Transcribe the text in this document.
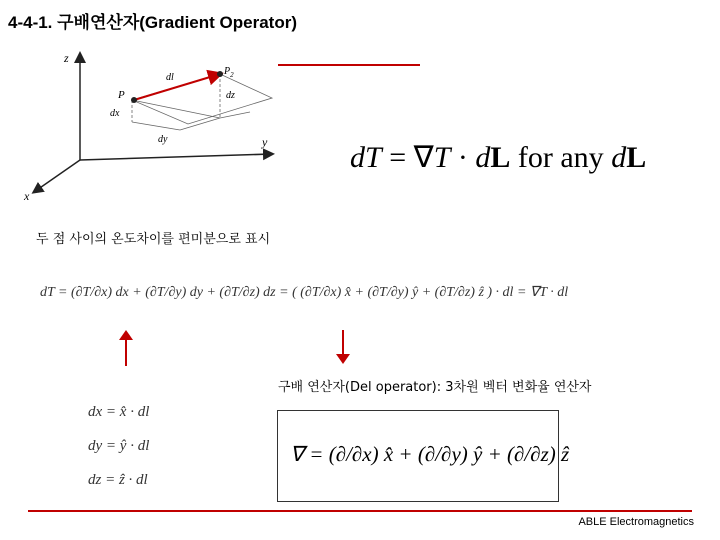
4-4-1. 구배연산자(Gradient Operator)
z
y
x
P
$P_2$
dl
dx
dy
dz
dT = ∇T · dL for any dL
두 점 사이의 온도차이를 편미분으로 표시
dT = (∂T/∂x) dx + (∂T/∂y) dy + (∂T/∂z) dz = ( (∂T/∂x) x̂ + (∂T/∂y) ŷ + (∂T/∂z) ẑ ) · dl = ∇T · dl
구배 연산자(Del operator): 3차원 벡터 변화율 연산자
dx = x̂ · dl
dy = ŷ · dl
dz = ẑ · dl
∇ = (∂/∂x) x̂ + (∂/∂y) ŷ + (∂/∂z) ẑ
ABLE Electromagnetics
